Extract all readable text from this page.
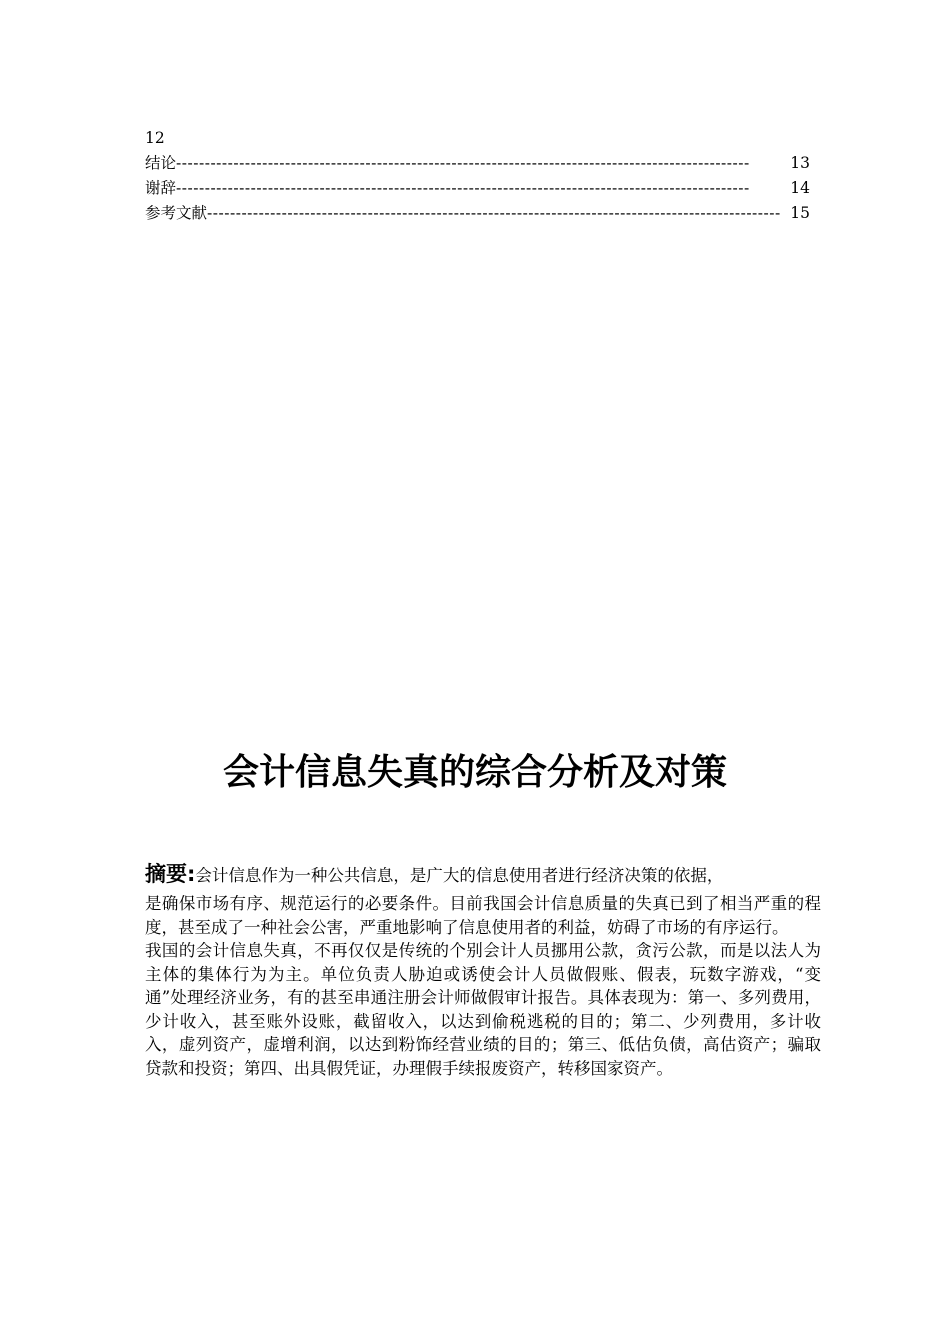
12
结论 ----------------------------------------------------------------------------------------------------	13
谢辞 ----------------------------------------------------------------------------------------------------	14
参考文献 ---------------------------------------------------------------------------------------------------- 15
会计信息失真的综合分析及对策

摘要:会计信息作为一种公共信息，是广大的信息使用者进行经济决策的依据，

是确保市场有序、规范运行的必要条件。目前我国会计信息质量的失真已到了相当严重的程度，甚至成了一种社会公害，严重地影响了信息使用者的利益，妨碍了市场的有序运行。

我国的会计信息失真，不再仅仅是传统的个别会计人员挪用公款，贪污公款，而是以法人为主体的集体行为为主。单位负责人胁迫或诱使会计人员做假账、假表，玩数字游戏，“变通”处理经济业务，有的甚至串通注册会计师做假审计报告。具体表现为：第一、多列费用，少计收入，甚至账外设账，截留收入，以达到偷税逃税的目的；第二、少列费用，多计收入，虚列资产，虚增利润，以达到粉饰经营业绩的目的；第三、低估负债，高估资产；骗取贷款和投资；第四、出具假凭证，办理假手续报废资产，转移国家资产。
